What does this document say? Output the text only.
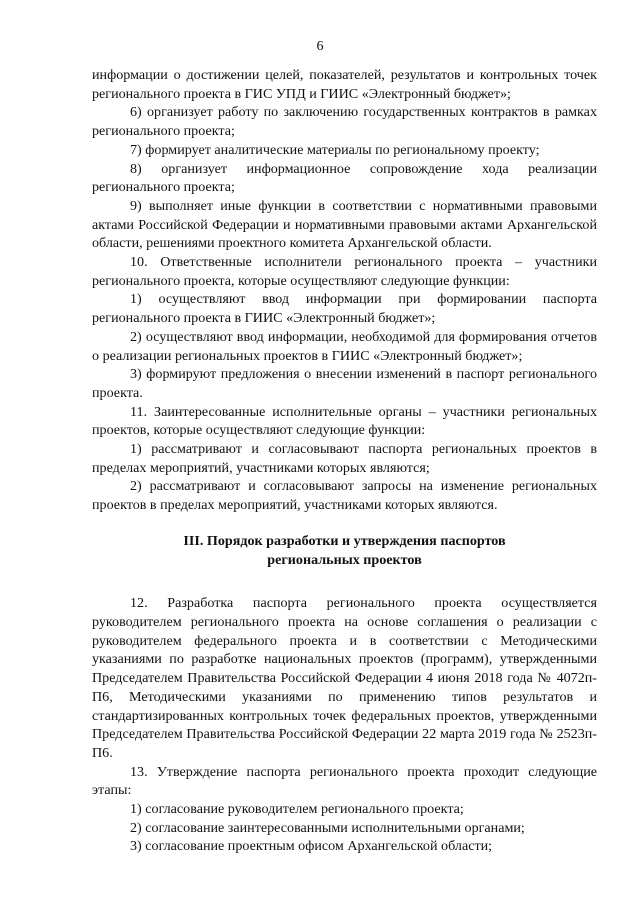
6

информации о достижении целей, показателей, результатов и контрольных точек регионального проекта в ГИС УПД и ГИИС «Электронный бюджет»;

6) организует работу по заключению государственных контрактов в рамках регионального проекта;

7) формирует аналитические материалы по региональному проекту;

8) организует информационное сопровождение хода реализации регионального проекта;

9) выполняет иные функции в соответствии с нормативными правовыми актами Российской Федерации и нормативными правовыми актами Архангельской области, решениями проектного комитета Архангельской области.

10. Ответственные исполнители регионального проекта – участники регионального проекта, которые осуществляют следующие функции:

1) осуществляют ввод информации при формировании паспорта регионального проекта в ГИИС «Электронный бюджет»;

2) осуществляют ввод информации, необходимой для формирования отчетов о реализации региональных проектов в ГИИС «Электронный бюджет»;

3) формируют предложения о внесении изменений в паспорт регионального проекта.

11. Заинтересованные исполнительные органы – участники региональных проектов, которые осуществляют следующие функции:

1) рассматривают и согласовывают паспорта региональных проектов в пределах мероприятий, участниками которых являются;

2) рассматривают и согласовывают запросы на изменение региональных проектов в пределах мероприятий, участниками которых являются.

III. Порядок разработки и утверждения паспортов
региональных проектов

12. Разработка паспорта регионального проекта осуществляется руководителем регионального проекта на основе соглашения о реализации с руководителем федерального проекта и в соответствии с Методическими указаниями по разработке национальных проектов (программ), утвержденными Председателем Правительства Российской Федерации 4 июня 2018 года № 4072п-П6, Методическими указаниями по применению типов результатов и стандартизированных контрольных точек федеральных проектов, утвержденными Председателем Правительства Российской Федерации 22 марта 2019 года № 2523п-П6.

13. Утверждение паспорта регионального проекта проходит следующие этапы:

1) согласование руководителем регионального проекта;

2) согласование заинтересованными исполнительными органами;

3) согласование проектным офисом Архангельской области;
